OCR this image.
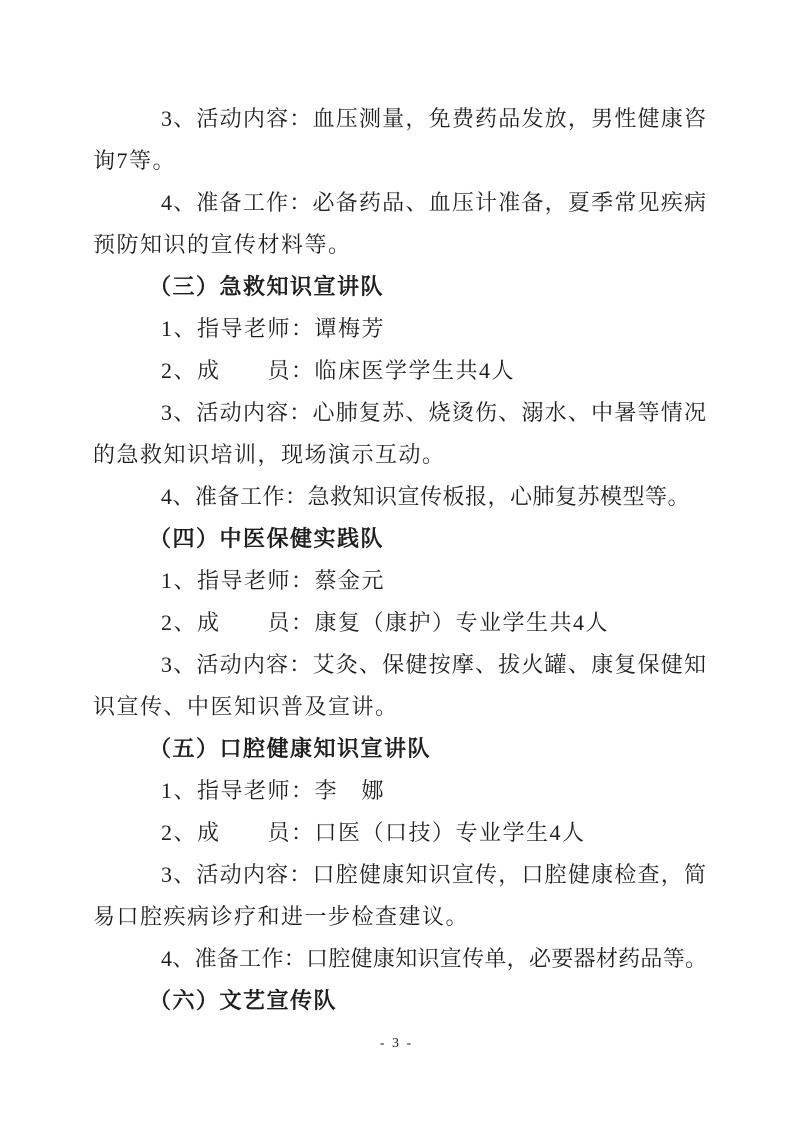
3、活动内容：血压测量，免费药品发放，男性健康咨
询7等。
4、准备工作：必备药品、血压计准备，夏季常见疾病
预防知识的宣传材料等。
（三）急救知识宣讲队
1、指导老师：谭梅芳
2、成　　员：临床医学学生共4人
3、活动内容：心肺复苏、烧烫伤、溺水、中暑等情况
的急救知识培训，现场演示互动。
4、准备工作：急救知识宣传板报，心肺复苏模型等。
（四）中医保健实践队
1、指导老师：蔡金元
2、成　　员：康复（康护）专业学生共4人
3、活动内容：艾灸、保健按摩、拔火罐、康复保健知
识宣传、中医知识普及宣讲。
（五）口腔健康知识宣讲队
1、指导老师：李　娜
2、成　　员：口医（口技）专业学生4人
3、活动内容：口腔健康知识宣传，口腔健康检查，简
易口腔疾病诊疗和进一步检查建议。
4、准备工作：口腔健康知识宣传单，必要器材药品等。
（六）文艺宣传队
- 3 -
